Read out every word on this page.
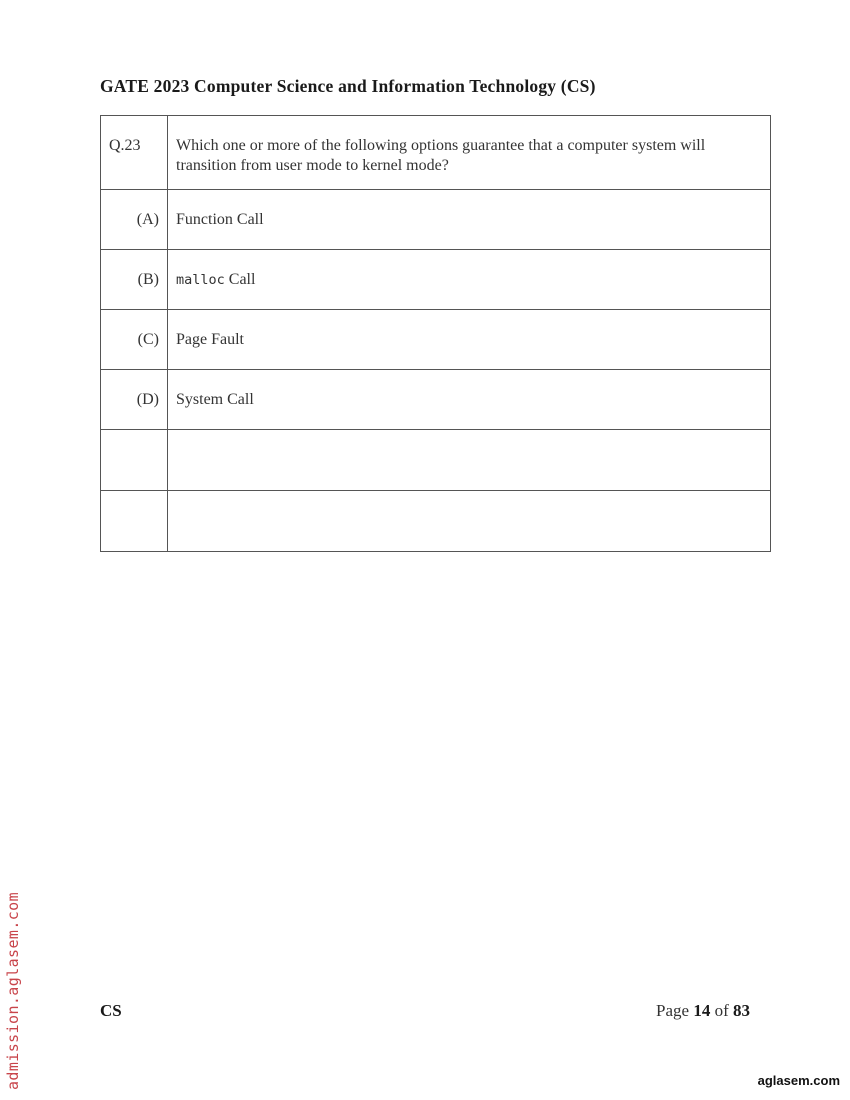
GATE 2023 Computer Science and Information Technology (CS)
Q.23	Which one or more of the following options guarantee that a computer system will transition from user mode to kernel mode?
(A)	Function Call
(B)	malloc Call
(C)	Page Fault
(D)	System Call

CS	Page 14 of 83
admission.aglasem.com	aglasem.com
